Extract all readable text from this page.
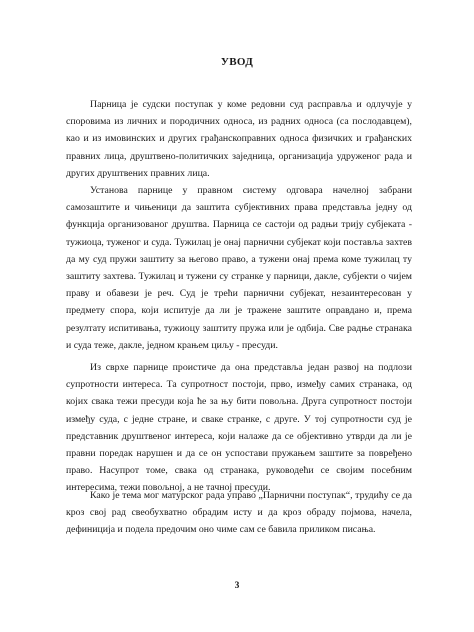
УВОД

Парница је судски поступак у коме редовни суд расправља и одлучује у споровима из личних и породичних односа, из радних односа (са послодавцем), као и из имовинских и других грађанскоправних односа физичких и грађанских правних лица, друштвено-политичких заједница, организација удруженог рада и других друштвених правних лица.

Установа парнице у правном систему одговара начелној забрани самозаштите и чињеници да заштита субјективних права представља једну од функција организованог друштва. Парница се састоји од радњи трију субјеката - тужиоца, туженог и суда. Тужилац је онај парнични субјекат који поставља захтев да му суд пружи заштиту за његово право, а тужени онај према коме тужилац ту заштиту захтева. Тужилац и тужени су странке у парници, дакле, субјекти о чијем праву и обавези је реч. Суд је трећи парнични субјекат, незаинтересован у предмету спора, који испитује да ли је тражене заштите оправдано и, према резултату испитивања, тужиоцу заштиту пружа или је одбија. Све радње странака и суда теже, дакле, једном крањем циљу - пресуди.

Из сврхе парнице проистиче да она представља један развој на подлози супротности интереса. Та супротност постоји, прво, између самих странака, од којих свака тежи пресуди која ће за њу бити повољна. Друга супротност постоји између суда, с једне стране, и сваке странке, с друге. У тој супротности суд је представник друштвеног интереса, који налаже да се објективно утврди да ли је правни поредак нарушен и да се он успостави пружањем заштите за повређено право. Насупрот томе, свака од странака, руководећи се својим посебним интересима, тежи повољној, а не тачној пресуди.

Како је тема мог матурског рада управо „Парнични поступак“, трудићу се да кроз свој рад свеобухватно обрадим исту и да кроз обраду појмова, начела, дефиниција и подела предочим оно чиме сам се бавила приликом писања.

3
